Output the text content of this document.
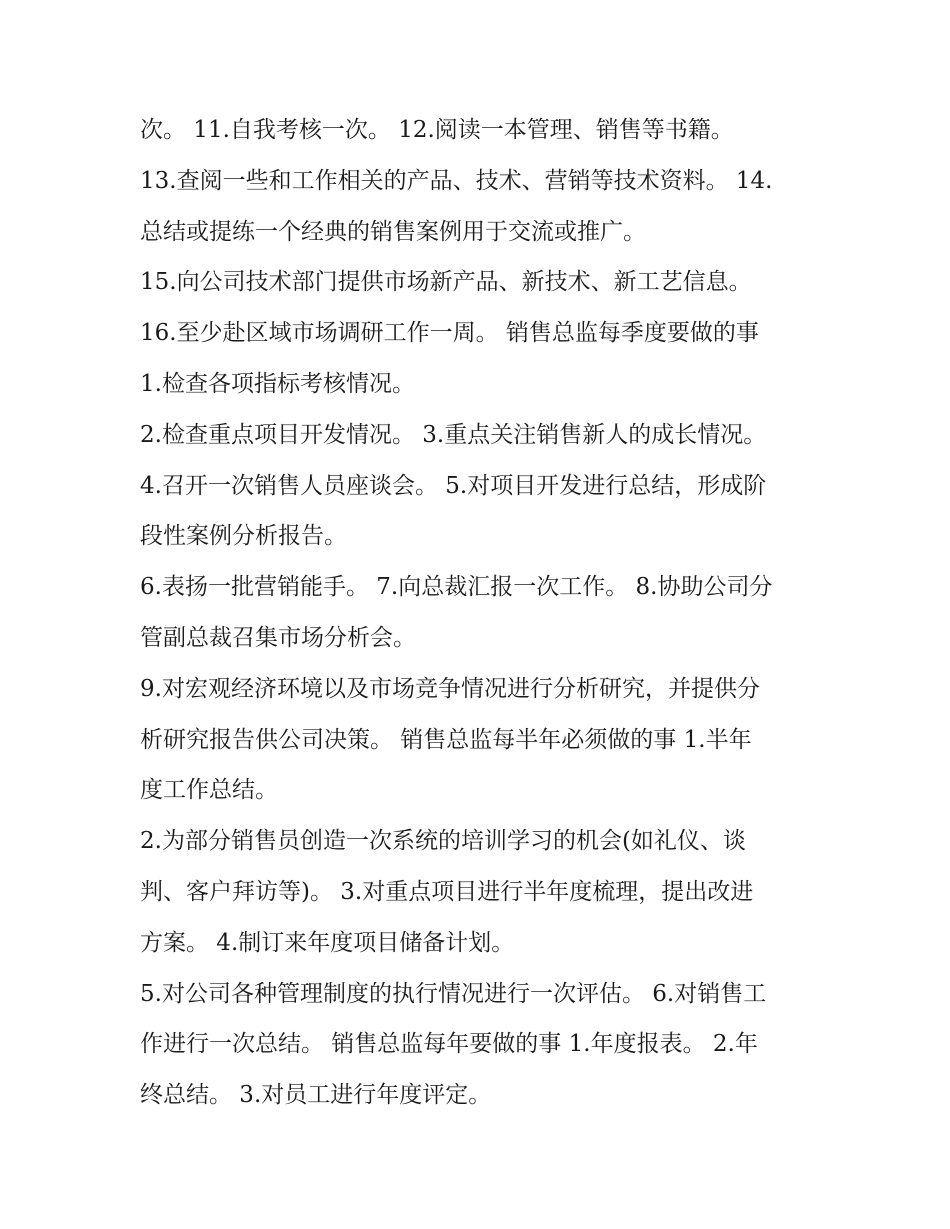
次。 11.自我考核一次。 12.阅读一本管理、销售等书籍。
13.查阅一些和工作相关的产品、技术、营销等技术资料。 14.
总结或提练一个经典的销售案例用于交流或推广。
15.向公司技术部门提供市场新产品、新技术、新工艺信息。
16.至少赴区域市场调研工作一周。 销售总监每季度要做的事
1.检查各项指标考核情况。
2.检查重点项目开发情况。 3.重点关注销售新人的成长情况。
4.召开一次销售人员座谈会。 5.对项目开发进行总结，形成阶
段性案例分析报告。
6.表扬一批营销能手。 7.向总裁汇报一次工作。 8.协助公司分
管副总裁召集市场分析会。
9.对宏观经济环境以及市场竞争情况进行分析研究，并提供分
析研究报告供公司决策。 销售总监每半年必须做的事 1.半年
度工作总结。
2.为部分销售员创造一次系统的培训学习的机会(如礼仪、谈
判、客户拜访等)。 3.对重点项目进行半年度梳理，提出改进
方案。 4.制订来年度项目储备计划。
5.对公司各种管理制度的执行情况进行一次评估。 6.对销售工
作进行一次总结。 销售总监每年要做的事 1.年度报表。 2.年
终总结。 3.对员工进行年度评定。
